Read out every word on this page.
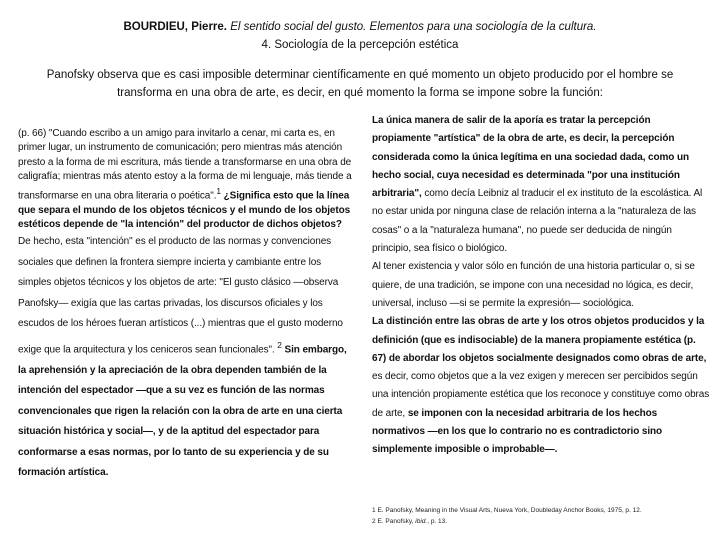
BOURDIEU, Pierre. El sentido social del gusto. Elementos para una sociología de la cultura.
4. Sociología de la percepción estética
Panofsky observa que es casi imposible determinar científicamente en qué momento un objeto producido por el hombre se transforma en una obra de arte, es decir, en qué momento la forma se impone sobre la función:

(p. 66) "Cuando escribo a un amigo para invitarlo a cenar, mi carta es, en primer lugar, un instrumento de comunicación; pero mientras más atención presto a la forma de mi escritura, más tiende a transformarse en una obra de caligrafía; mientras más atento estoy a la forma de mi lenguaje, más tiende a transformarse en una obra literaria o poética".$^1$ ¿Significa esto que la línea que separa el mundo de los objetos técnicos y el mundo de los objetos estéticos depende de "la intención" del productor de dichos objetos?

De hecho, esta "intención" es el producto de las normas y convenciones sociales que definen la frontera siempre incierta y cambiante entre los simples objetos técnicos y los objetos de arte: "El gusto clásico —observa Panofsky— exigía que las cartas privadas, los discursos oficiales y los escudos de los héroes fueran artísticos (...) mientras que el gusto moderno exige que la arquitectura y los ceniceros sean funcionales". $^2$ Sin embargo, la aprehensión y la apreciación de la obra dependen también de la intención del espectador —que a su vez es función de las normas convencionales que rigen la relación con la obra de arte en una cierta situación histórica y social—, y de la aptitud del espectador para conformarse a esas normas, por lo tanto de su experiencia y de su formación artística.

La única manera de salir de la aporía es tratar la percepción propiamente "artística" de la obra de arte, es decir, la percepción considerada como la única legítima en una sociedad dada, como un hecho social, cuya necesidad es determinada "por una institución arbitraria", como decía Leibniz al traducir el ex instituto de la escolástica. Al no estar unida por ninguna clase de relación interna a la "naturaleza de las cosas" o a la "naturaleza humana", no puede ser deducida de ningún principio, sea físico o biológico.

Al tener existencia y valor sólo en función de una historia particular o, si se quiere, de una tradición, se impone con una necesidad no lógica, es decir, universal, incluso —si se permite la expresión— sociológica.

La distinción entre las obras de arte y los otros objetos producidos y la definición (que es indisociable) de la manera propiamente estética (p. 67) de abordar los objetos socialmente designados como obras de arte, es decir, como objetos que a la vez exigen y merecen ser percibidos según una intención propiamente estética que los reconoce y constituye como obras de arte, se imponen con la necesidad arbitraria de los hechos normativos —en los que lo contrario no es contradictorio sino simplemente imposible o improbable—.

1 E. Panofsky, Meaning in the Visual Arts, Nueva York, Doubleday Anchor Books, 1975, p. 12.

2 E. Panofsky, ibid., p. 13.
